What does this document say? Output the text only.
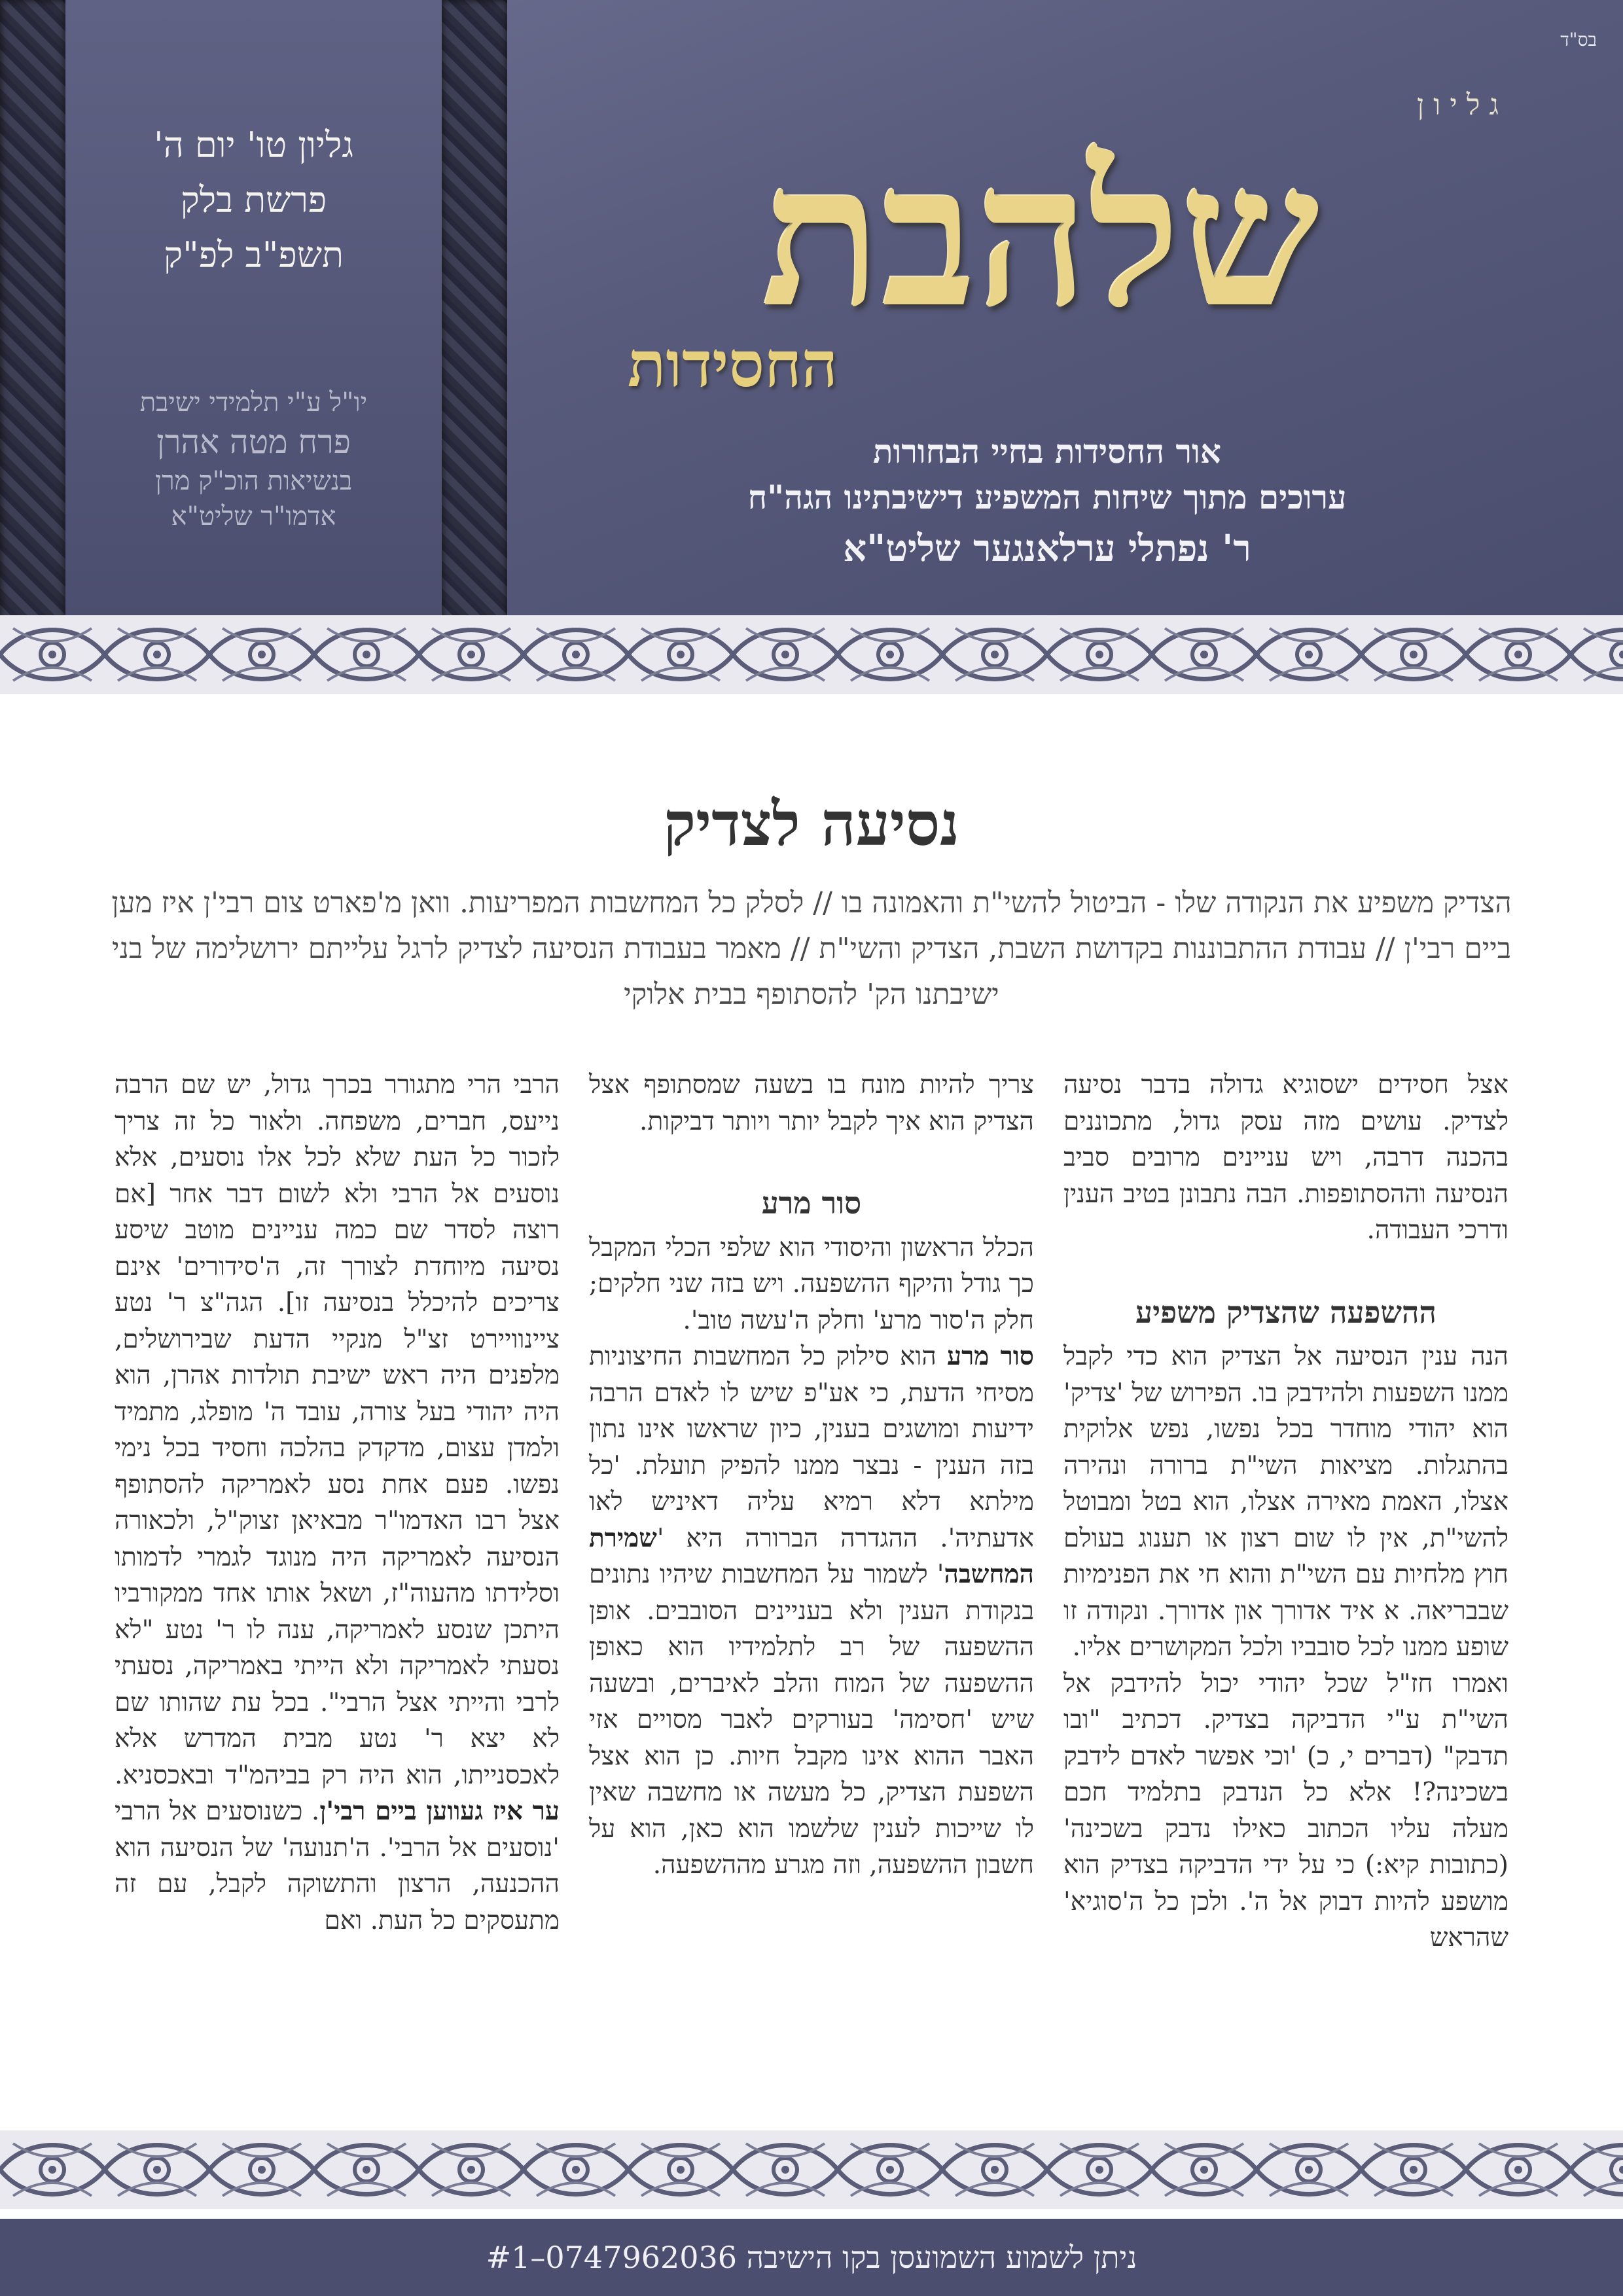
גליון טו' יום ה'
פרשת בלק
תשפ"ב לפ"ק
יו"ל ע"י תלמידי ישיבת
פרח מטה אהרן
בנשיאות הוכ"ק מרן
אדמו"ר שליט"א
בס"ד
ג ל י ו ן
שלהבת
החסידות
אור החסידות בחיי הבחורות
ערוכים מתוך שיחות המשפיע דישיבתינו הגה"ח
ר' נפתלי ערלאנגער שליט"א
נסיעה לצדיק
הצדיק משפיע את הנקודה שלו - הביטול להשי"ת והאמונה בו // לסלק כל המחשבות המפריעות. וואן מ'פארט צום רבי'ן איז מען ביים רבי'ן // עבודת ההתבוננות בקדושת השבת, הצדיק והשי"ת // מאמר בעבודת הנסיעה לצדיק לרגל עלייתם ירושלימה של בני ישיבתנו הק' להסתופף בבית אלוקי

אצל חסידים ישסוגיא גדולה בדבר נסיעה לצדיק. עושים מזה עסק גדול, מתכוננים בהכנה דרבה, ויש עניינים מרובים סביב הנסיעה וההסתופפות. הבה נתבונן בטיב הענין ודרכי העבודה.

ההשפעה שהצדיק משפיע

הנה ענין הנסיעה אל הצדיק הוא כדי לקבל ממנו השפעות ולהידבק בו. הפירוש של 'צדיק' הוא יהודי מוחדר בכל נפשו, נפש אלוקית בהתגלות. מציאות השי"ת ברורה ונהירה אצלו, האמת מאירה אצלו, הוא בטל ומבוטל להשי"ת, אין לו שום רצון או תענוג בעולם חוץ מלחיות עם השי"ת והוא חי את הפנימיות שבבריאה. א איד אדורך און אדורך. ונקודה זו שופע ממנו לכל סובביו ולכל המקושרים אליו.

ואמרו חז"ל שכל יהודי יכול להידבק אל השי"ת ע"י הדביקה בצדיק. דכתיב "ובו תדבק" (דברים י, כ) 'וכי אפשר לאדם לידבק בשכינה?! אלא כל הנדבק בתלמיד חכם מעלה עליו הכתוב כאילו נדבק בשכינה' (כתובות קיא:) כי על ידי הדביקה בצדיק הוא מושפע להיות דבוק אל ה'. ולכן כל ה'סוגיא' שהראש

צריך להיות מונח בו בשעה שמסתופף אצל הצדיק הוא איך לקבל יותר ויותר דביקות.

סור מרע

הכלל הראשון והיסודי הוא שלפי הכלי המקבל כך גודל והיקף ההשפעה. ויש בזה שני חלקים; חלק ה'סור מרע' וחלק ה'עשה טוב'.

סור מרע הוא סילוק כל המחשבות החיצוניות מסיחי הדעת, כי אע"פ שיש לו לאדם הרבה ידיעות ומושגים בענין, כיון שראשו אינו נתון בזה הענין - נבצר ממנו להפיק תועלת. 'כל מילתא דלא רמיא עליה דאיניש לאו אדעתיה'. ההגדרה הברורה היא 'שמירת המחשבה' לשמור על המחשבות שיהיו נתונים בנקודת הענין ולא בעניינים הסובבים. אופן ההשפעה של רב לתלמידיו הוא כאופן ההשפעה של המוח והלב לאיברים, ובשעה שיש 'חסימה' בעורקים לאבר מסויים אזי האבר ההוא אינו מקבל חיות. כן הוא אצל השפעת הצדיק, כל מעשה או מחשבה שאין לו שייכות לענין שלשמו הוא כאן, הוא על חשבון ההשפעה, וזה מגרע מההשפעה.

הרבי הרי מתגורר בכרך גדול, יש שם הרבה נייעס, חברים, משפחה. ולאור כל זה צריך לזכור כל העת שלא לכל אלו נוסעים, אלא נוסעים אל הרבי ולא לשום דבר אחר [אם רוצה לסדר שם כמה עניינים מוטב שיסע נסיעה מיוחדת לצורך זה, ה'סידורים' אינם צריכים להיכלל בנסיעה זו]. הגה"צ ר' נטע ציינוויירט זצ"ל מנקיי הדעת שבירושלים, מלפנים היה ראש ישיבת תולדות אהרן, הוא היה יהודי בעל צורה, עובד ה' מופלג, מתמיד ולמדן עצום, מדקדק בהלכה וחסיד בכל נימי נפשו. פעם אחת נסע לאמריקה להסתופף אצל רבו האדמו"ר מבאיאן זצוק"ל, ולכאורה הנסיעה לאמריקה היה מנוגד לגמרי לדמותו וסלידתו מהעוה"ז, ושאל אותו אחד ממקורביו היתכן שנסע לאמריקה, ענה לו ר' נטע "לא נסעתי לאמריקה ולא הייתי באמריקה, נסעתי לרבי והייתי אצל הרבי". בכל עת שהותו שם לא יצא ר' נטע מבית המדרש אלא לאכסנייתו, הוא היה רק בביהמ"ד ובאכסניא. ער איז געווען ביים רבי'ן. כשנוסעים אל הרבי 'נוסעים אל הרבי'. ה'תנועה' של הנסיעה הוא ההכנעה, הרצון והתשוקה לקבל, עם זה מתעסקים כל העת. ואם

ניתן לשמוע השמועסן בקו הישיבה 0747962036–#1
